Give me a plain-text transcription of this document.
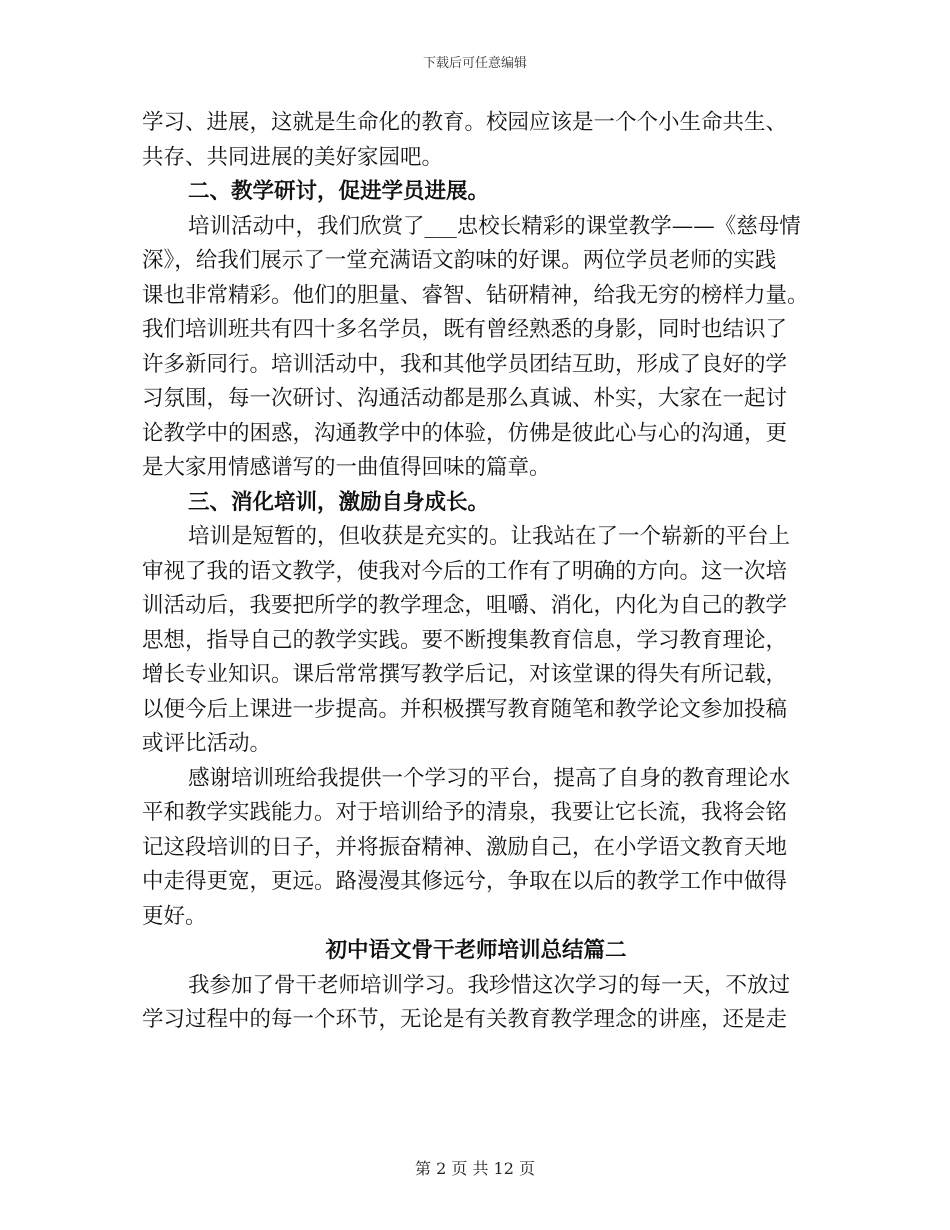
下载后可任意编辑
学习、进展，这就是生命化的教育。校园应该是一个个小生命共生、
共存、共同进展的美好家园吧。
二、教学研讨，促进学员进展。
培训活动中，我们欣赏了___忠校长精彩的课堂教学——《慈母情
深》，给我们展示了一堂充满语文韵味的好课。两位学员老师的实践
课也非常精彩。他们的胆量、睿智、钻研精神，给我无穷的榜样力量。
我们培训班共有四十多名学员，既有曾经熟悉的身影，同时也结识了
许多新同行。培训活动中，我和其他学员团结互助，形成了良好的学
习氛围，每一次研讨、沟通活动都是那么真诚、朴实，大家在一起讨
论教学中的困惑，沟通教学中的体验，仿佛是彼此心与心的沟通，更
是大家用情感谱写的一曲值得回味的篇章。
三、消化培训，激励自身成长。
培训是短暂的，但收获是充实的。让我站在了一个崭新的平台上
审视了我的语文教学，使我对今后的工作有了明确的方向。这一次培
训活动后，我要把所学的教学理念，咀嚼、消化，内化为自己的教学
思想，指导自己的教学实践。要不断搜集教育信息，学习教育理论，
增长专业知识。课后常常撰写教学后记，对该堂课的得失有所记载，
以便今后上课进一步提高。并积极撰写教育随笔和教学论文参加投稿
或评比活动。
感谢培训班给我提供一个学习的平台，提高了自身的教育理论水
平和教学实践能力。对于培训给予的清泉，我要让它长流，我将会铭
记这段培训的日子，并将振奋精神、激励自己，在小学语文教育天地
中走得更宽，更远。路漫漫其修远兮，争取在以后的教学工作中做得
更好。
初中语文骨干老师培训总结篇二
我参加了骨干老师培训学习。我珍惜这次学习的每一天，不放过
学习过程中的每一个环节，无论是有关教育教学理念的讲座，还是走
第 2 页 共 12 页
